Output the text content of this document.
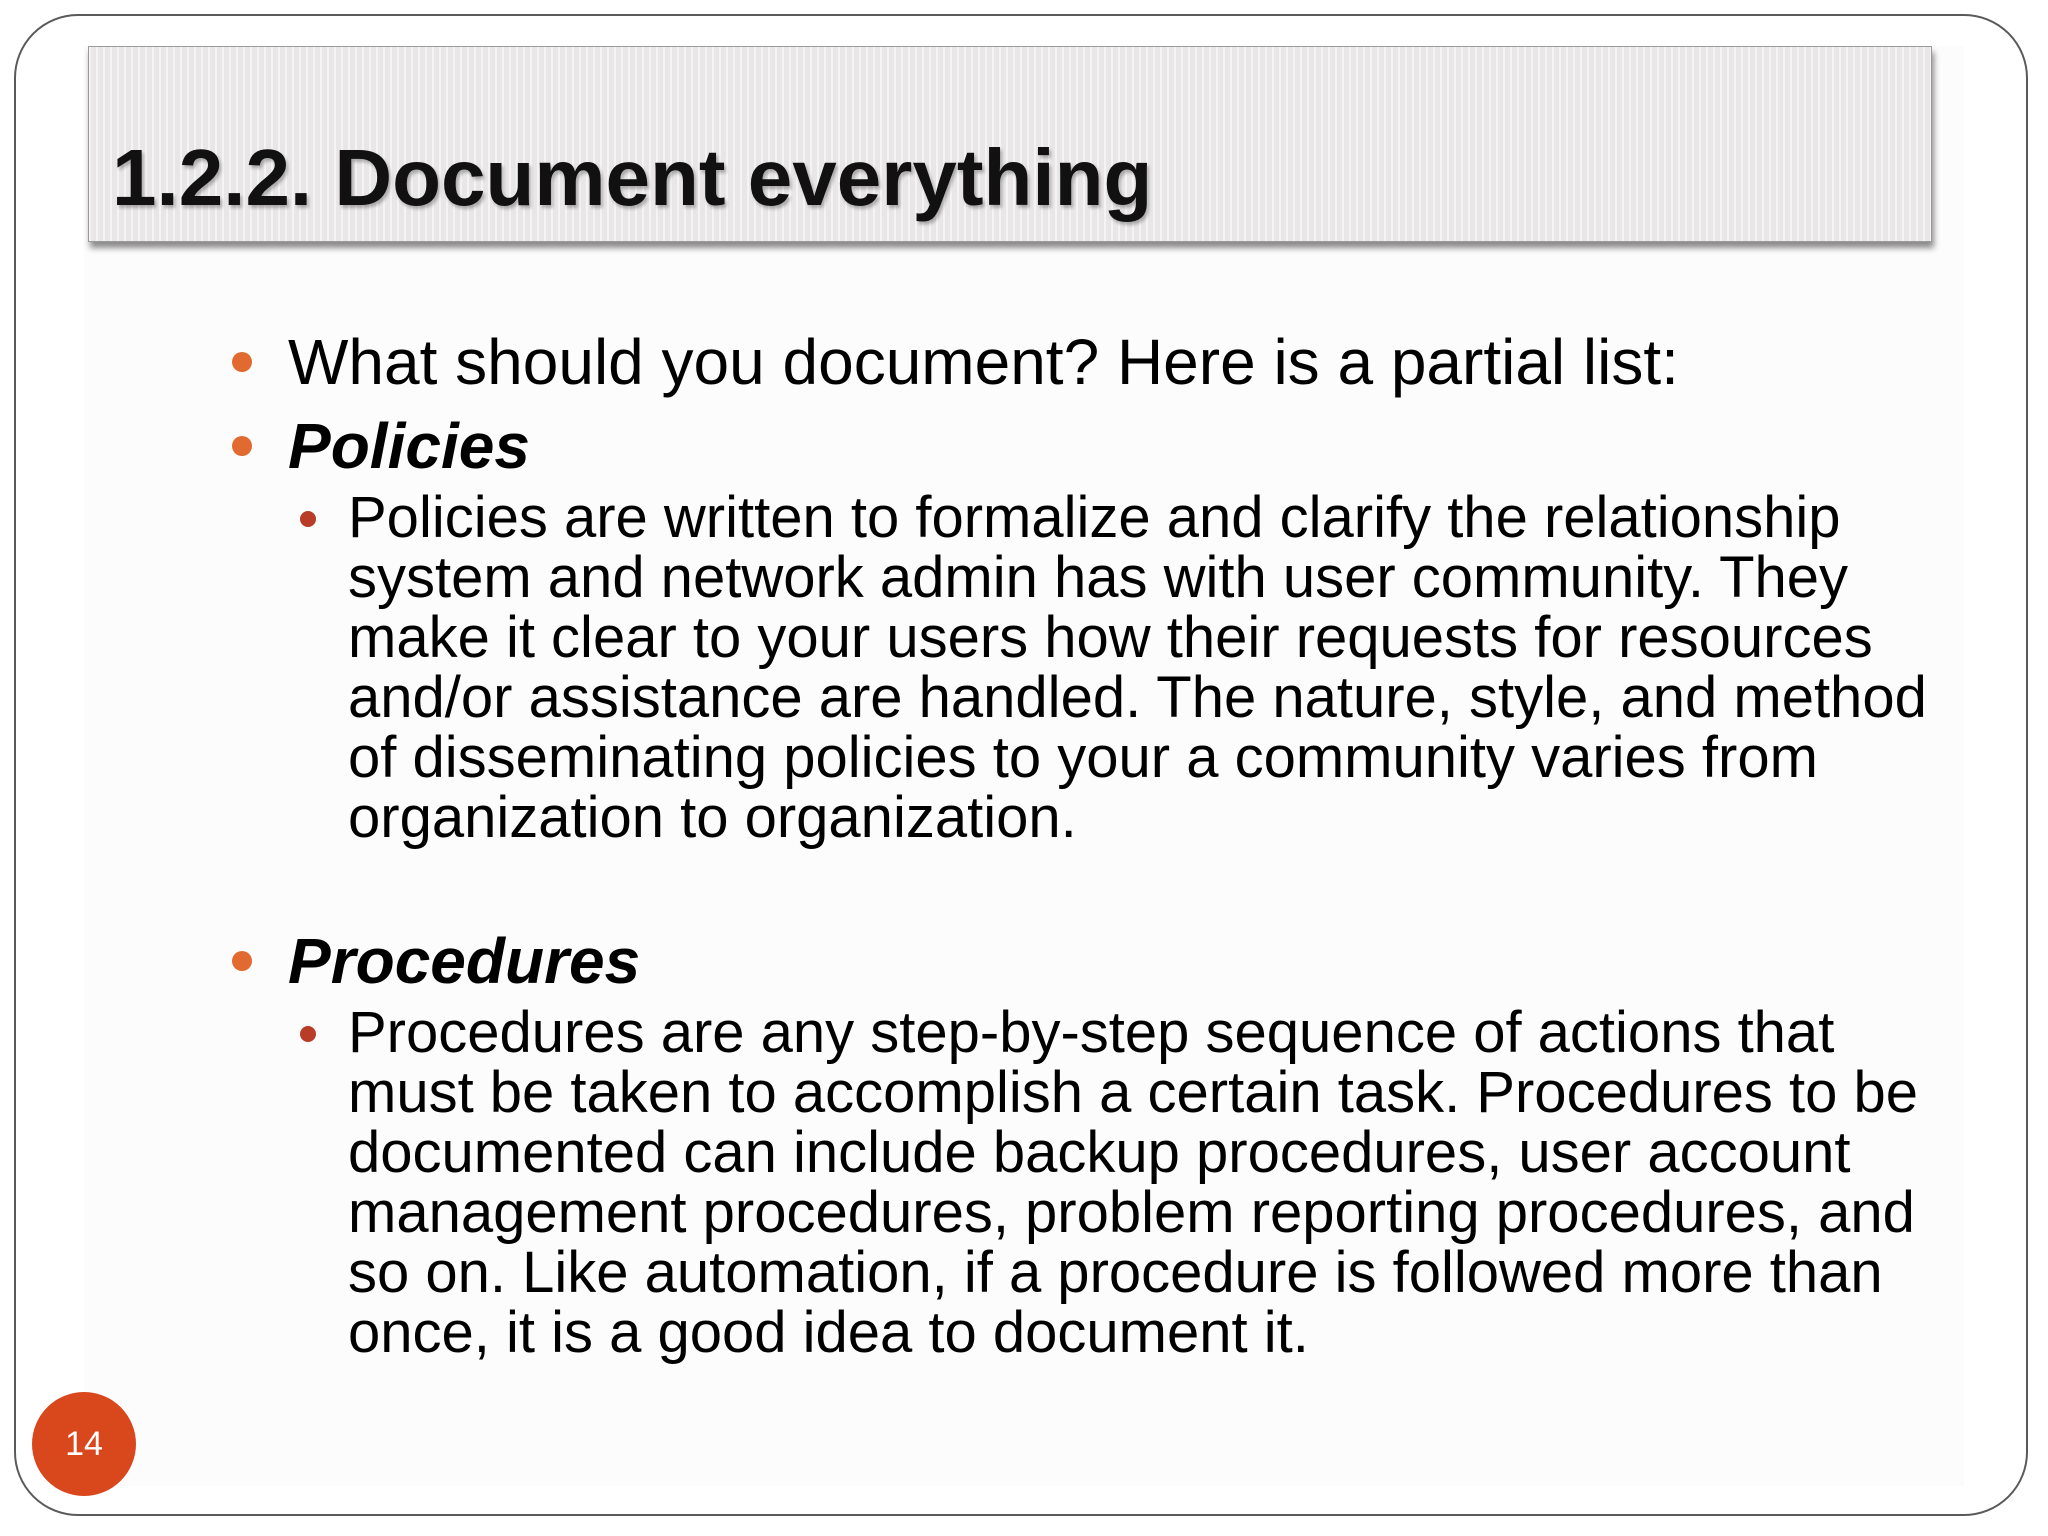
1.2.2. Document everything

What should you document? Here is a partial list:

Policies

Policies are written to formalize and clarify the relationship system and network admin has with user community. They make it clear to your users how their requests for resources and/or assistance are handled. The nature, style, and method of disseminating policies to your a community varies from organization to organization.

Procedures

Procedures are any step-by-step sequence of actions that must be taken to accomplish a certain task. Procedures to be documented can include backup procedures, user account management procedures, problem reporting procedures, and so on. Like automation, if a procedure is followed more than once, it is a good idea to document it.

14
